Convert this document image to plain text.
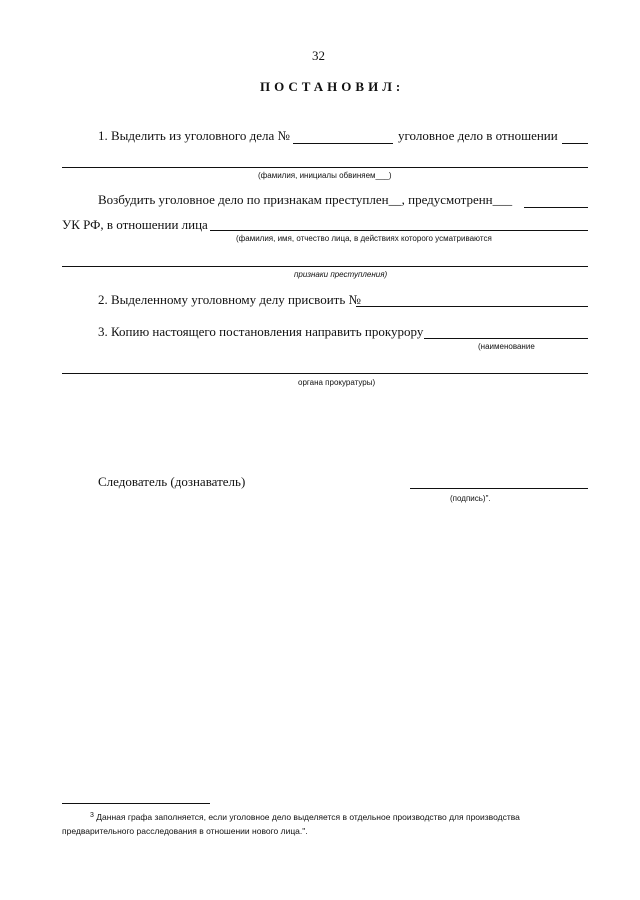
32
ПОСТАНОВИЛ:
1. Выделить из уголовного дела №	уголовное дело в отношении
(фамилия, инициалы обвиняем___)
Возбудить уголовное дело по признакам преступлен__, предусмотренн___
УК РФ, в отношении лица
(фамилия, имя, отчество лица, в действиях которого усматриваются
признаки преступления)
2. Выделенному уголовному делу присвоить №
3. Копию настоящего постановления направить прокурору
(наименование
органа прокуратуры)
Следователь (дознаватель)
(подпись)".
$^3$ Данная графа заполняется, если уголовное дело выделяется в отдельное производство для производства
предварительного расследования в отношении нового лица.".
